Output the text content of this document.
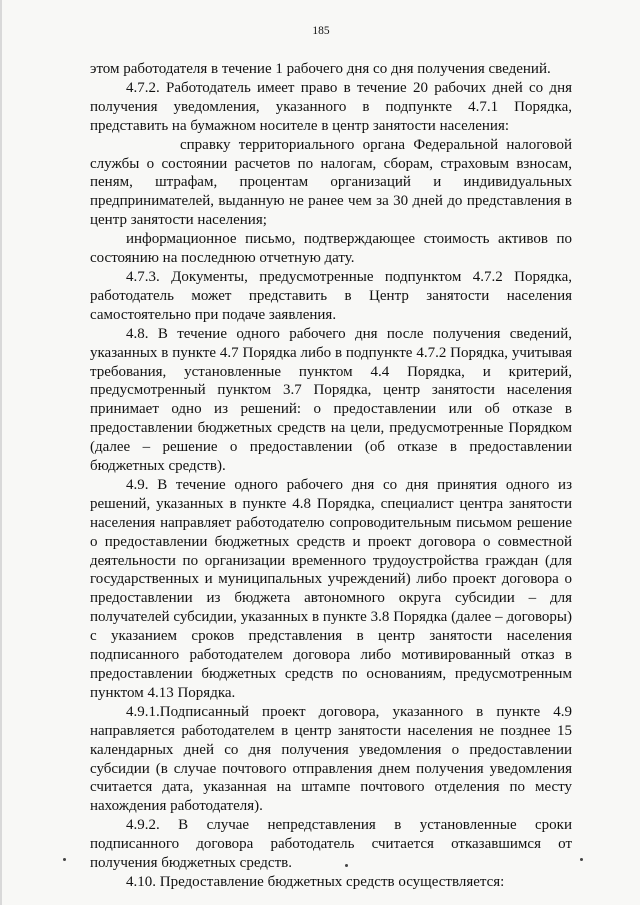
185

этом работодателя в течение 1 рабочего дня со дня получения сведений.

4.7.2. Работодатель имеет право в течение 20 рабочих дней со дня получения уведомления, указанного в подпункте 4.7.1 Порядка, представить на бумажном носителе в центр занятости населения:

справку территориального органа Федеральной налоговой службы о состоянии расчетов по налогам, сборам, страховым взносам, пеням, штрафам, процентам организаций и индивидуальных предпринимателей, выданную не ранее чем за 30 дней до представления в центр занятости населения;

информационное письмо, подтверждающее стоимость активов по состоянию на последнюю отчетную дату.

4.7.3. Документы, предусмотренные подпунктом 4.7.2 Порядка, работодатель может представить в Центр занятости населения самостоятельно при подаче заявления.

4.8. В течение одного рабочего дня после получения сведений, указанных в пункте 4.7 Порядка либо в подпункте 4.7.2 Порядка, учитывая требования, установленные пунктом 4.4 Порядка, и критерий, предусмотренный пунктом 3.7 Порядка, центр занятости населения принимает одно из решений: о предоставлении или об отказе в предоставлении бюджетных средств на цели, предусмотренные Порядком (далее – решение о предоставлении (об отказе в предоставлении бюджетных средств).

4.9. В течение одного рабочего дня со дня принятия одного из решений, указанных в пункте 4.8 Порядка, специалист центра занятости населения направляет работодателю сопроводительным письмом решение о предоставлении бюджетных средств и проект договора о совместной деятельности по организации временного трудоустройства граждан (для государственных и муниципальных учреждений) либо проект договора о предоставлении из бюджета автономного округа субсидии – для получателей субсидии, указанных в пункте 3.8 Порядка (далее – договоры) с указанием сроков представления в центр занятости населения подписанного работодателем договора либо мотивированный отказ в предоставлении бюджетных средств по основаниям, предусмотренным пунктом 4.13 Порядка.

4.9.1.Подписанный проект договора, указанного в пункте 4.9 направляется работодателем в центр занятости населения не позднее 15 календарных дней со дня получения уведомления о предоставлении субсидии (в случае почтового отправления днем получения уведомления считается дата, указанная на штампе почтового отделения по месту нахождения работодателя).

4.9.2. В случае непредставления в установленные сроки подписанного договора работодатель считается отказавшимся от получения бюджетных средств.

4.10. Предоставление бюджетных средств осуществляется:
